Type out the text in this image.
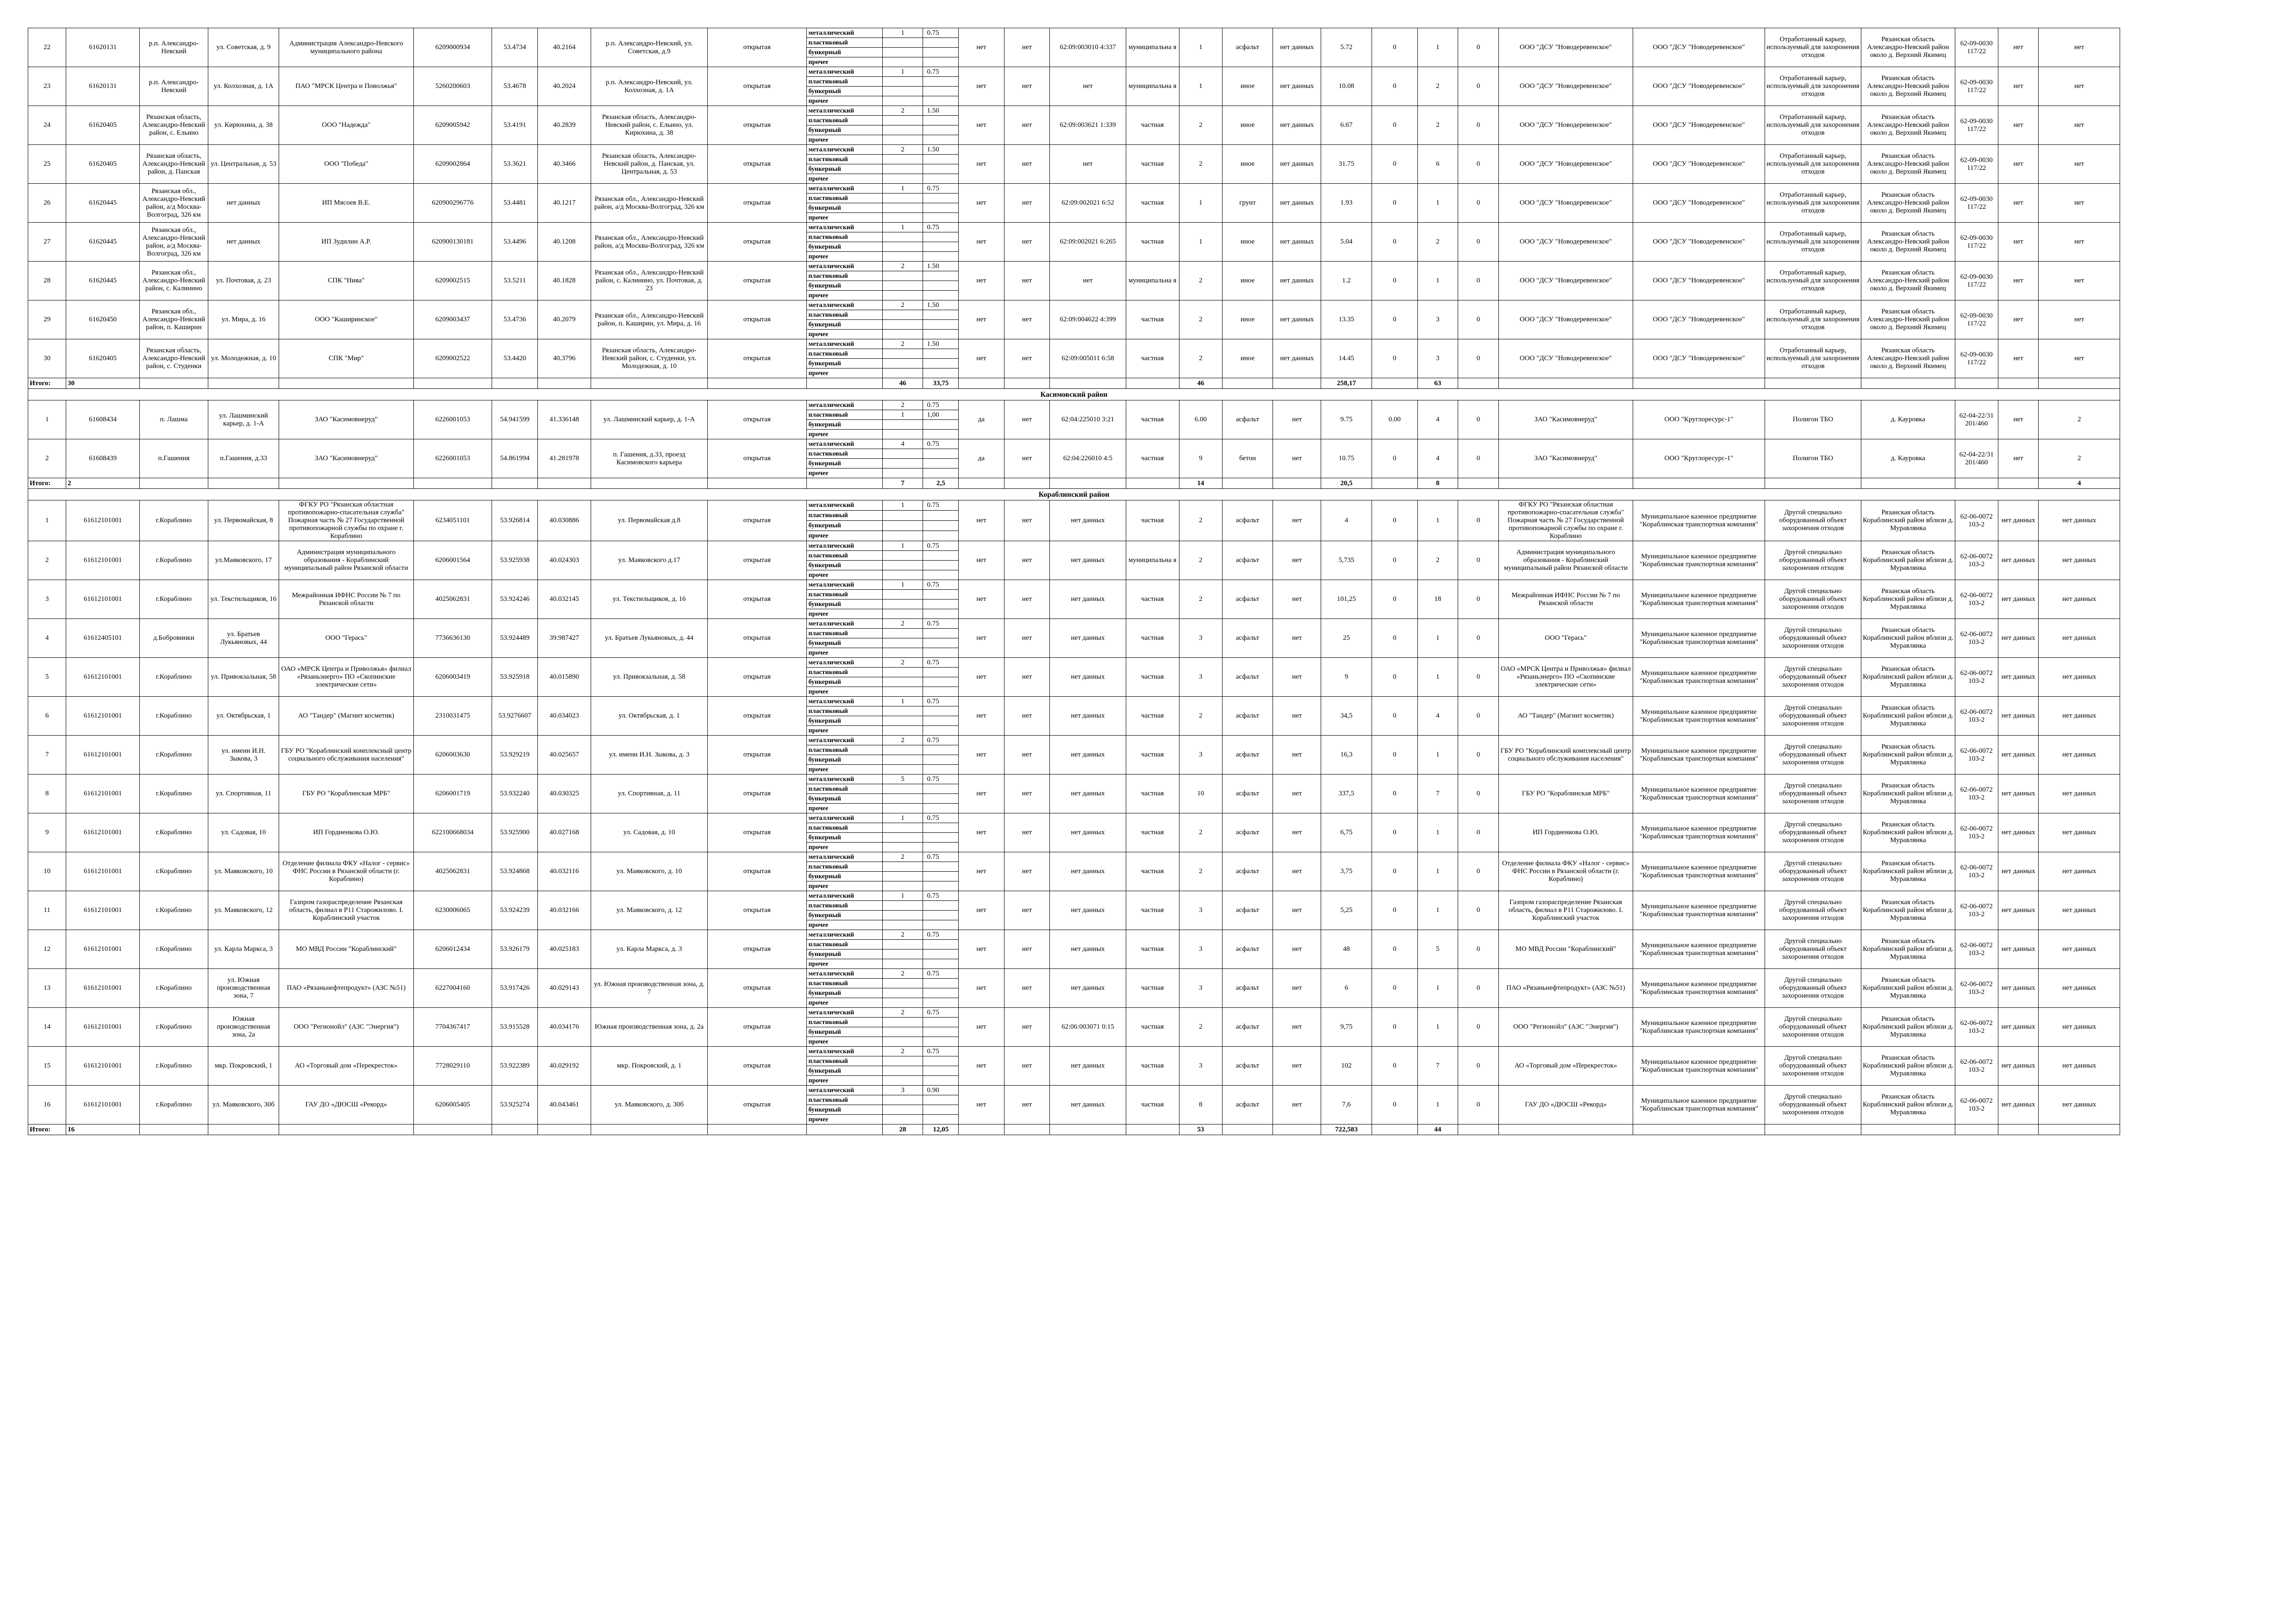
22	61620131	р.п. Александро-Невский	ул. Советская, д. 9	Администрация Александро-Невского муниципального района	6209000934	53.4734	40.2164	р.п. Александро-Невский, ул. Советская, д.9	открытая	металлический	1	0.75	нет	нет	62:09:003010 4:337	муниципальна я	1	асфальт	нет данных	5.72	0	1	0	ООО "ДСУ "Новодеревенское"	ООО "ДСУ "Новодеревенское"	Отработанный карьер, используемый для захоронения отходов	Рязанская область Александро-Невский район около д. Верхний Якимец	62-09-0030 117/22	нет	нет
										пластиковый																				
										бункерный																				
										прочее																				
23	61620131	р.п. Александро-Невский	ул. Колхозная, д. 1А	ПАО "МРСК Центра и Поволжья"	5260200603	53.4678	40.2024	р.п. Александро-Невский, ул. Колхозная, д. 1А	открытая	металлический	1	0.75	нет	нет	нет	муниципальна я	1	иное	нет данных	10.08	0	2	0	ООО "ДСУ "Новодеревенское"	ООО "ДСУ "Новодеревенское"	Отработанный карьер, используемый для захоронения отходов	Рязанская область Александро-Невский район около д. Верхний Якимец	62-09-0030 117/22	нет	нет
										пластиковый																				
										бункерный																				
										прочее																				
24	61620405	Рязанская область, Александро-Невский район, с. Ельино	ул. Кирюхина, д. 38	ООО "Надежда"	6209005942	53.4191	40.2839	Рязанская область, Александро-Невский район, с. Ельино, ул. Кирюхина, д. 38	открытая	металлический	2	1.50	нет	нет	62:09:003621 1:339	частная	2	иное	нет данных	6.67	0	2	0	ООО "ДСУ "Новодеревенское"	ООО "ДСУ "Новодеревенское"	Отработанный карьер, используемый для захоронения отходов	Рязанская область Александро-Невский район около д. Верхний Якимец	62-09-0030 117/22	нет	нет
										пластиковый																				
										бункерный																				
										прочее																				
25	61620405	Рязанская область, Александро-Невский район, д. Панская	ул. Центральная, д. 53	ООО "Победа"	6209002864	53.3621	40.3466	Рязанская область, Александро-Невский район, д. Панская, ул. Центральная, д. 53	открытая	металлический	2	1.50	нет	нет	нет	частная	2	иное	нет данных	31.75	0	6	0	ООО "ДСУ "Новодеревенское"	ООО "ДСУ "Новодеревенское"	Отработанный карьер, используемый для захоронения отходов	Рязанская область Александро-Невский район около д. Верхний Якимец	62-09-0030 117/22	нет	нет
										пластиковый																				
										бункерный																				
										прочее																				
26	61620445	Рязанская обл., Александро-Невский район, а/д Москва-Волгоград, 326 км	нет данных	ИП Мясоев В.Е.	620900296776	53.4481	40.1217	Рязанская обл., Александро-Невский район, а/д Москва-Волгоград, 326 км	открытая	металлический	1	0.75	нет	нет	62:09:002021 6:52	частная	1	грунт	нет данных	1.93	0	1	0	ООО "ДСУ "Новодеревенское"	ООО "ДСУ "Новодеревенское"	Отработанный карьер, используемый для захоронения отходов	Рязанская область Александро-Невский район около д. Верхний Якимец	62-09-0030 117/22	нет	нет
										пластиковый																				
										бункерный																				
										прочее																				
27	61620445	Рязанская обл., Александро-Невский район, а/д Москва-Волгоград, 326 км	нет данных	ИП Зудилин А.Р.	620900130181	53.4496	40.1208	Рязанская обл., Александро-Невский район, а/д Москва-Волгоград, 326 км	открытая	металлический	1	0.75	нет	нет	62:09:002021 6:265	частная	1	иное	нет данных	5.04	0	2	0	ООО "ДСУ "Новодеревенское"	ООО "ДСУ "Новодеревенское"	Отработанный карьер, используемый для захоронения отходов	Рязанская область Александро-Невский район около д. Верхний Якимец	62-09-0030 117/22	нет	нет
										пластиковый																				
										бункерный																				
										прочее																				
28	61620445	Рязанская обл., Александро-Невский район, с. Калинино	ул. Почтовая, д. 23	СПК "Нива"	6209002515	53.5211	40.1828	Рязанская обл., Александро-Невский район, с. Калинино, ул. Почтовая, д. 23	открытая	металлический	2	1.50	нет	нет	нет	муниципальна я	2	иное	нет данных	1.2	0	1	0	ООО "ДСУ "Новодеревенское"	ООО "ДСУ "Новодеревенское"	Отработанный карьер, используемый для захоронения отходов	Рязанская область Александро-Невский район около д. Верхний Якимец	62-09-0030 117/22	нет	нет
										пластиковый																				
										бункерный																				
										прочее																				
29	61620450	Рязанская обл., Александро-Невский район, п. Каширин	ул. Мира, д. 16	ООО "Каширинское"	6209003437	53.4736	40.2079	Рязанская обл., Александро-Невский район, п. Каширин, ул. Мира, д. 16	открытая	металлический	2	1.50	нет	нет	62:09:004622 4:399	частная	2	иное	нет данных	13.35	0	3	0	ООО "ДСУ "Новодеревенское"	ООО "ДСУ "Новодеревенское"	Отработанный карьер, используемый для захоронения отходов	Рязанская область Александро-Невский район около д. Верхний Якимец	62-09-0030 117/22	нет	нет
										пластиковый																				
										бункерный																				
										прочее																				
30	61620405	Рязанская область, Александро-Невский район, с. Студенки	ул. Молодежная, д. 10	СПК "Мир"	6209002522	53.4420	40.3796	Рязанская область, Александро-Невский район, с. Студенки, ул. Молодежная, д. 10	открытая	металлический	2	1.50	нет	нет	62:09:005011 6:58	частная	2	иное	нет данных	14.45	0	3	0	ООО "ДСУ "Новодеревенское"	ООО "ДСУ "Новодеревенское"	Отработанный карьер, используемый для захоронения отходов	Рязанская область Александро-Невский район около д. Верхний Якимец	62-09-0030 117/22	нет	нет
										пластиковый																				
										бункерный																				
										прочее																				
Итого:	30										46	33,75					46			258,17		63								
Касимовский район																														
1	61608434	п. Лашма	ул. Лашминский карьер, д. 1-А	ЗАО "Касимовнеруд"	6226001053	54.941599	41.336148	ул. Лашминский карьер, д. 1-А	открытая	металлический	2	0.75	да	нет	62:04:225010 3:21	частная	6.00	асфальт	нет	9.75	0.00	4	0	ЗАО "Касимовнеруд"	ООО "Круглоресурс-1"	Полигон ТБО	д. Кауровка	62-04-22/31 201/460	нет	2
										пластиковый	1	1,00																		
										бункерный																				
										прочее																				
2	61608439	п.Гашения	п.Гашения, д.33	ЗАО "Касимовнеруд"	6226001053	54.861994	41.281978	п. Гашения, д.33, проезд Касимовского карьера	открытая	металлический	4	0.75	да	нет	62:04:226010 4:5	частная	9	бетон	нет	10.75	0	4	0	ЗАО "Касимовнеруд"	ООО "Круглоресурс-1"	Полигон ТБО	д. Кауровка	62-04-22/31 201/460	нет	2
										пластиковый																				
										бункерный																				
										прочее																				
Итого:	2										7	2,5					14			20,5		8								4
Кораблинский район																														
1	61612101001	г.Кораблино	ул. Первомайская, 8	ФГКУ РО "Рязанская областная противопожарно-спасательная служба" Пожарная часть № 27 Государственной противопожарной службы по охране г. Кораблино	6234051101	53.926814	40.030886	ул. Первомайская д.8	открытая	металлический	1	0.75	нет	нет	нет данных	частная	2	асфальт	нет	4	0	1	0	ФГКУ РО "Рязанская областная противопожарно-спасательная служба" Пожарная часть № 27 Государственной противопожарной службы по охране г. Кораблино	Муниципальное казенное предприятие "Кораблинская транспортная компания"	Другой специально оборудованный объект захоронения отходов	Рязанская область Кораблинский район вблизи д. Муравлянка	62-06-0072 103-2	нет данных	нет данных
										пластиковый																				
										бункерный																				
										прочее																				
2	61612101001	г.Кораблино	ул.Маяковского, 17	Администрация муниципального образования - Кораблинский муниципальный район Рязанской области	6206001564	53.925938	40.024303	ул. Маяковского д.17	открытая	металлический	1	0.75	нет	нет	нет данных	муниципальна я	2	асфальт	нет	5,735	0	2	0	Администрация муниципального образования - Кораблинский муниципальный район Рязанской области	Муниципальное казенное предприятие "Кораблинская транспортная компания"	Другой специально оборудованный объект захоронения отходов	Рязанская область Кораблинский район вблизи д. Муравлянка	62-06-0072 103-2	нет данных	нет данных
										пластиковый																				
										бункерный																				
										прочее																				
3	61612101001	г.Кораблино	ул. Текстильщиков, 16	Межрайонная ИФНС России № 7 по Рязанской области	4025062831	53.924246	40.032145	ул. Текстильщиков, д. 16	открытая	металлический	1	0.75	нет	нет	нет данных	частная	2	асфальт	нет	101,25	0	18	0	Межрайонная ИФНС России № 7 по Рязанской области	Муниципальное казенное предприятие "Кораблинская транспортная компания"	Другой специально оборудованный объект захоронения отходов	Рязанская область Кораблинский район вблизи д. Муравлянка	62-06-0072 103-2	нет данных	нет данных
										пластиковый																				
										бункерный																				
										прочее																				
4	61612405101	д.Бобровинки	ул. Братьев Лукьяновых, 44	ООО "Герась"	7736636130	53.924489	39.987427	ул. Братьев Лукьяновых, д. 44	открытая	металлический	2	0.75	нет	нет	нет данных	частная	3	асфальт	нет	25	0	1	0	ООО "Герась"	Муниципальное казенное предприятие "Кораблинская транспортная компания"	Другой специально оборудованный объект захоронения отходов	Рязанская область Кораблинский район вблизи д. Муравлянка	62-06-0072 103-2	нет данных	нет данных
										пластиковый																				
										бункерный																				
										прочее																				
5	61612101001	г.Кораблино	ул. Привокзальная, 58	ОАО «МРСК Центра и Приволжья» филиал «Рязаньэнерго» ПО «Скопинские электрические сети»	6206003419	53.925918	40.015890	ул. Привокзальная, д. 58	открытая	металлический	2	0.75	нет	нет	нет данных	частная	3	асфальт	нет	9	0	1	0	ОАО «МРСК Центра и Приволжья» филиал «Рязаньэнерго» ПО «Скопинские электрические сети»	Муниципальное казенное предприятие "Кораблинская транспортная компания"	Другой специально оборудованный объект захоронения отходов	Рязанская область Кораблинский район вблизи д. Муравлянка	62-06-0072 103-2	нет данных	нет данных
										пластиковый																				
										бункерный																				
										прочее																				
6	61612101001	г.Кораблино	ул. Октябрьская, 1	АО "Тандер" (Магнит косметик)	2310031475	53.9276607	40.034023	ул. Октябрьская, д. 1	открытая	металлический	1	0.75	нет	нет	нет данных	частная	2	асфальт	нет	34,5	0	4	0	АО "Тандер" (Магнит косметик)	Муниципальное казенное предприятие "Кораблинская транспортная компания"	Другой специально оборудованный объект захоронения отходов	Рязанская область Кораблинский район вблизи д. Муравлянка	62-06-0072 103-2	нет данных	нет данных
										пластиковый																				
										бункерный																				
										прочее																				
7	61612101001	г.Кораблино	ул. имени И.Н. Зыкова, 3	ГБУ РО "Кораблинский комплексный центр социального обслуживания населения"	6206003630	53.929219	40.025657	ул. имени И.Н. Зыкова, д. 3	открытая	металлический	2	0.75	нет	нет	нет данных	частная	3	асфальт	нет	16,3	0	1	0	ГБУ РО "Кораблинский комплексный центр социального обслуживания населения"	Муниципальное казенное предприятие "Кораблинская транспортная компания"	Другой специально оборудованный объект захоронения отходов	Рязанская область Кораблинский район вблизи д. Муравлянка	62-06-0072 103-2	нет данных	нет данных
										пластиковый																				
										бункерный																				
										прочее																				
8	61612101001	г.Кораблино	ул. Спортивная, 11	ГБУ РО "Кораблинская МРБ"	6206001719	53.932240	40.030325	ул. Спортивная, д. 11	открытая	металлический	5	0.75	нет	нет	нет данных	частная	10	асфальт	нет	337,5	0	7	0	ГБУ РО "Кораблинская МРБ"	Муниципальное казенное предприятие "Кораблинская транспортная компания"	Другой специально оборудованный объект захоронения отходов	Рязанская область Кораблинский район вблизи д. Муравлянка	62-06-0072 103-2	нет данных	нет данных
										пластиковый																				
										бункерный																				
										прочее																				
9	61612101001	г.Кораблино	ул. Садовая, 10	ИП Гордиенкова О.Ю.	622100668034	53.925900	40.027168	ул. Садовая, д. 10	открытая	металлический	1	0.75	нет	нет	нет данных	частная	2	асфальт	нет	6,75	0	1	0	ИП Гордиенкова О.Ю.	Муниципальное казенное предприятие "Кораблинская транспортная компания"	Другой специально оборудованный объект захоронения отходов	Рязанская область Кораблинский район вблизи д. Муравлянка	62-06-0072 103-2	нет данных	нет данных
										пластиковый																				
										бункерный																				
										прочее																				
10	61612101001	г.Кораблино	ул. Маяковского, 10	Отделение филиала ФКУ «Налог - сервис» ФНС России в Рязанской области (г. Кораблино)	4025062831	53.924868	40.032116	ул. Маяковского, д. 10	открытая	металлический	2	0.75	нет	нет	нет данных	частная	2	асфальт	нет	3,75	0	1	0	Отделение филиала ФКУ «Налог - сервис» ФНС России в Рязанской области (г. Кораблино)	Муниципальное казенное предприятие "Кораблинская транспортная компания"	Другой специально оборудованный объект захоронения отходов	Рязанская область Кораблинский район вблизи д. Муравлянка	62-06-0072 103-2	нет данных	нет данных
										пластиковый																				
										бункерный																				
										прочее																				
11	61612101001	г.Кораблино	ул. Маяковского, 12	Газпром газораспределение Рязанская область, филиал в Р11 Старожилово. I. Кораблинский участок	6230006065	53.924239	40.032166	ул. Маяковского, д. 12	открытая	металлический	1	0.75	нет	нет	нет данных	частная	3	асфальт	нет	5,25	0	1	0	Газпром газораспределение Рязанская область, филиал в Р11 Старожилово. I. Кораблинский участок	Муниципальное казенное предприятие "Кораблинская транспортная компания"	Другой специально оборудованный объект захоронения отходов	Рязанская область Кораблинский район вблизи д. Муравлянка	62-06-0072 103-2	нет данных	нет данных
										пластиковый																				
										бункерный																				
										прочее																				
12	61612101001	г.Кораблино	ул. Карла Маркса, 3	МО МВД России "Кораблинский"	6206012434	53.926179	40.025183	ул. Карла Маркса, д. 3	открытая	металлический	2	0.75	нет	нет	нет данных	частная	3	асфальт	нет	48	0	5	0	МО МВД России "Кораблинский"	Муниципальное казенное предприятие "Кораблинская транспортная компания"	Другой специально оборудованный объект захоронения отходов	Рязанская область Кораблинский район вблизи д. Муравлянка	62-06-0072 103-2	нет данных	нет данных
										пластиковый																				
										бункерный																				
										прочее																				
13	61612101001	г.Кораблино	ул. Южная производственная зона, 7	ПАО «Рязаньнефтепродукт» (АЗС №51)	6227004160	53.917426	40.029143	ул. Южная производственная зона, д. 7	открытая	металлический	2	0.75	нет	нет	нет данных	частная	3	асфальт	нет	6	0	1	0	ПАО «Рязаньнефтепродукт» (АЗС №51)	Муниципальное казенное предприятие "Кораблинская транспортная компания"	Другой специально оборудованный объект захоронения отходов	Рязанская область Кораблинский район вблизи д. Муравлянка	62-06-0072 103-2	нет данных	нет данных
										пластиковый																				
										бункерный																				
										прочее																				
14	61612101001	г.Кораблино	Южная производственная зона, 2а	ООО "Регионойл" (АЗС "Энергия")	7704367417	53.915528	40.034176	Южная производственная зона, д. 2а	открытая	металлический	2	0.75	нет	нет	62:06:003071 0:15	частная	2	асфальт	нет	9,75	0	1	0	ООО "Регионойл" (АЗС "Энергия")	Муниципальное казенное предприятие "Кораблинская транспортная компания"	Другой специально оборудованный объект захоронения отходов	Рязанская область Кораблинский район вблизи д. Муравлянка	62-06-0072 103-2	нет данных	нет данных
										пластиковый																				
										бункерный																				
										прочее																				
15	61612101001	г.Кораблино	мкр. Покровский, 1	АО «Торговый дом «Перекресток»	7728029110	53.922389	40.029192	мкр. Покровский, д. 1	открытая	металлический	2	0.75	нет	нет	нет данных	частная	3	асфальт	нет	102	0	7	0	АО «Торговый дом «Перекресток»	Муниципальное казенное предприятие "Кораблинская транспортная компания"	Другой специально оборудованный объект захоронения отходов	Рязанская область Кораблинский район вблизи д. Муравлянка	62-06-0072 103-2	нет данных	нет данных
										пластиковый																				
										бункерный																				
										прочее																				
16	61612101001	г.Кораблино	ул. Маяковского, 30б	ГАУ ДО «ДЮСШ «Рекорд»	6206005405	53.925274	40.043461	ул. Маяковского, д. 30б	открытая	металлический	3	0.90	нет	нет	нет данных	частная	8	асфальт	нет	7,6	0	1	0	ГАУ ДО «ДЮСШ «Рекорд»	Муниципальное казенное предприятие "Кораблинская транспортная компания"	Другой специально оборудованный объект захоронения отходов	Рязанская область Кораблинский район вблизи д. Муравлянка	62-06-0072 103-2	нет данных	нет данных
										пластиковый																				
										бункерный																				
										прочее																				
Итого:	16										28	12,05					53			722,583		44								
